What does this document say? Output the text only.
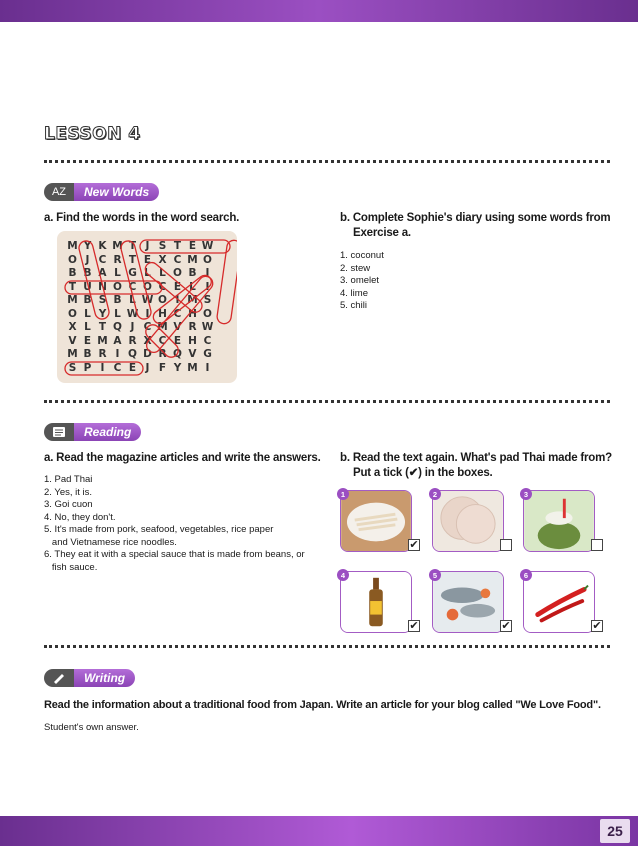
LESSON 4
AZ	New Words
a. Find the words in the word search.	b. Complete Sophie's diary using some words from
Exercise a.
1. coconut
2. stew
3. omelet
4. lime
5. chili
M Y K M T J S T E W
O J C R T E X C M O
B B A L G L L O B I
T U N O C O C E L I
M B S B L W O I M S
O L Y L W I H C H O
X L T Q J C M V R W
V E M A R X C E H C
M B R I Q D R Q V G
S P I C E J F Y M I
Reading
a. Read the magazine articles and write the answers. b. Read the text again. What's pad Thai made from?
Put a tick (✔) in the boxes.
1. Pad Thai
2. Yes, it is.
3. Goi cuon
4. No, they don't.
5. It's made from pork, seafood, vegetables, rice paper
and Vietnamese rice noodles.
6. They eat it with a special sauce that is made from beans, or
fish sauce.
1	2	3
4	5	6
✔
✔	✔	✔
Writing
Read the information about a traditional food from Japan. Write an article for your blog called "We Love Food".
Student's own answer.
25
